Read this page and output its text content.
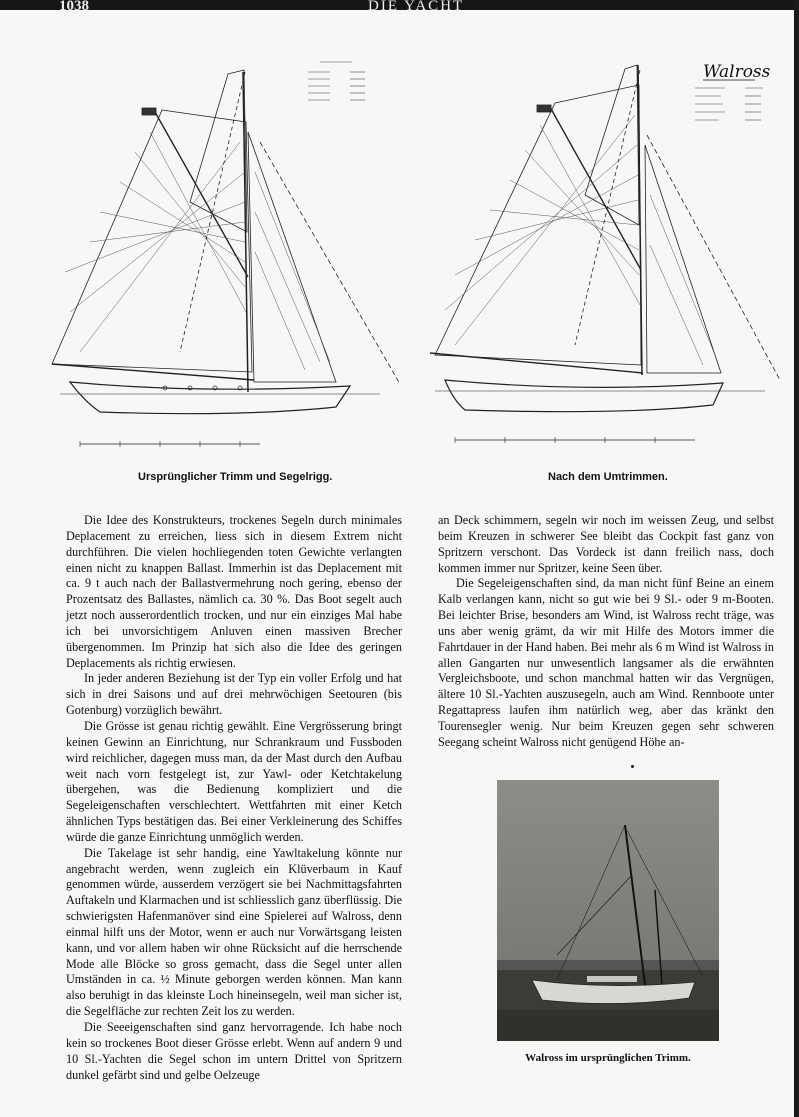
1038	DIE YACHT
Ursprünglicher Trimm und Segelrigg.
Walross
Nach dem Umtrimmen.

Die Idee des Konstrukteurs, trockenes Segeln durch minimales Deplacement zu erreichen, liess sich in diesem Extrem nicht durchführen. Die vielen hochliegenden toten Gewichte verlangten einen nicht zu knappen Ballast. Immerhin ist das Deplacement mit ca. 9 t auch nach der Ballastvermehrung noch gering, ebenso der Prozentsatz des Ballastes, nämlich ca. 30 %. Das Boot segelt auch jetzt noch ausserordentlich trocken, und nur ein einziges Mal habe ich bei unvorsichtigem Anluven einen massiven Brecher übergenommen. Im Prinzip hat sich also die Idee des geringen Deplacements als richtig erwiesen.

In jeder anderen Beziehung ist der Typ ein voller Erfolg und hat sich in drei Saisons und auf drei mehrwöchigen Seetouren (bis Gotenburg) vorzüglich bewährt.

Die Grösse ist genau richtig gewählt. Eine Vergrösserung bringt keinen Gewinn an Einrichtung, nur Schrankraum und Fussboden wird reichlicher, dagegen muss man, da der Mast durch den Aufbau weit nach vorn festgelegt ist, zur Yawl- oder Ketchtakelung übergehen, was die Bedienung kompliziert und die Segeleigenschaften verschlechtert. Wettfahrten mit einer Ketch ähnlichen Typs bestätigen das. Bei einer Verkleinerung des Schiffes würde die ganze Einrichtung unmöglich werden.

Die Takelage ist sehr handig, eine Yawltakelung könnte nur angebracht werden, wenn zugleich ein Klüverbaum in Kauf genommen würde, ausserdem verzögert sie bei Nachmittagsfahrten Auftakeln und Klarmachen und ist schliesslich ganz überflüssig. Die schwierigsten Hafenmanöver sind eine Spielerei auf Walross, denn einmal hilft uns der Motor, wenn er auch nur Vorwärtsgang leisten kann, und vor allem haben wir ohne Rücksicht auf die herrschende Mode alle Blöcke so gross gemacht, dass die Segel unter allen Umständen in ca. ½ Minute geborgen werden können. Man kann also beruhigt in das kleinste Loch hineinsegeln, weil man sicher ist, die Segelfläche zur rechten Zeit los zu werden.

Die Seeeigenschaften sind ganz hervorragende. Ich habe noch kein so trockenes Boot dieser Grösse erlebt. Wenn auf andern 9 und 10 Sl.-Yachten die Segel schon im untern Drittel von Spritzern dunkel gefärbt sind und gelbe Oelzeuge

an Deck schimmern, segeln wir noch im weissen Zeug, und selbst beim Kreuzen in schwerer See bleibt das Cockpit fast ganz von Spritzern verschont. Das Vordeck ist dann freilich nass, doch kommen immer nur Spritzer, keine Seen über.

Die Segeleigenschaften sind, da man nicht fünf Beine an einem Kalb verlangen kann, nicht so gut wie bei 9 Sl.- oder 9 m-Booten. Bei leichter Brise, besonders am Wind, ist Walross recht träge, was uns aber wenig grämt, da wir mit Hilfe des Motors immer die Fahrtdauer in der Hand haben. Bei mehr als 6 m Wind ist Walross in allen Gangarten nur unwesentlich langsamer als die erwähnten Vergleichsboote, und schon manchmal hatten wir das Vergnügen, ältere 10 Sl.-Yachten auszusegeln, auch am Wind. Rennboote unter Regattapress laufen ihm natürlich weg, aber das kränkt den Tourensegler wenig. Nur beim Kreuzen gegen sehr schweren Seegang scheint Walross nicht genügend Höhe an-

Walross im ursprünglichen Trimm.
